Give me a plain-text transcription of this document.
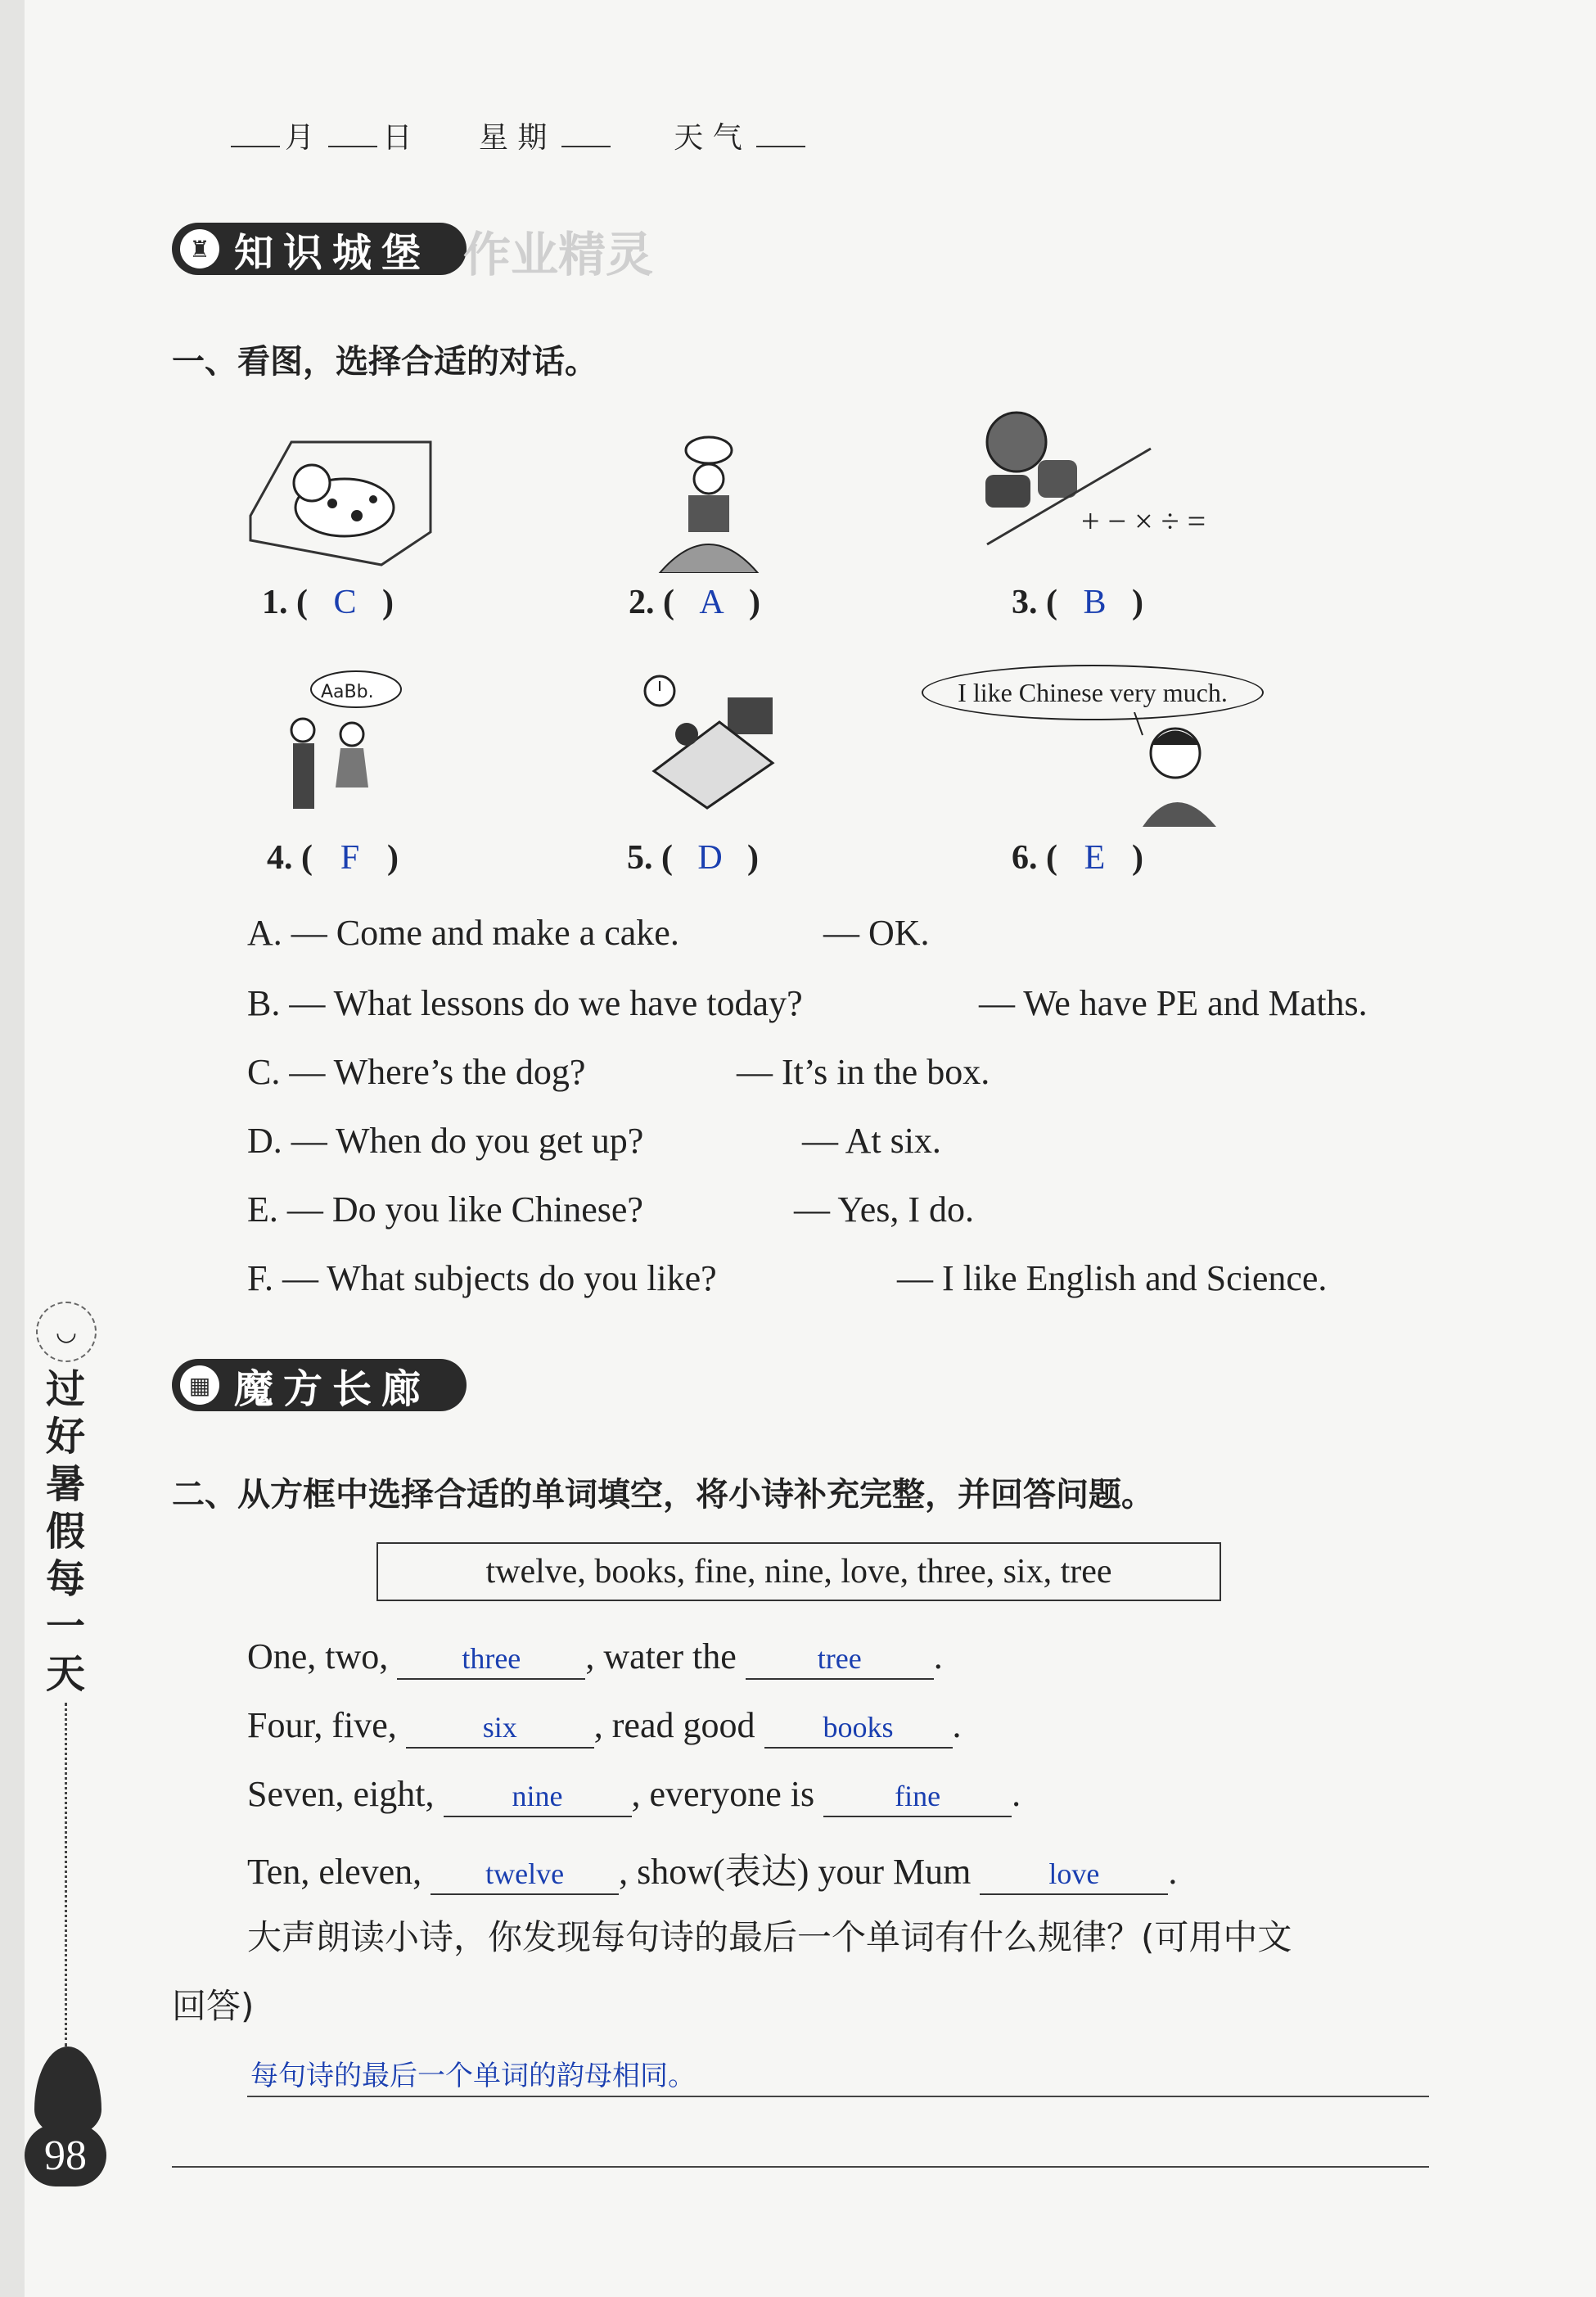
◡
过
好
暑
假
每
一
天
98
月 日 星 期	天 气
♜ 知识城堡 作业精灵
一、看图，选择合适的对话。
+ − × ÷ =
AaBb.	I like Chinese very much.
1. ( C )	2. ( A )	3. ( B )
4. ( F )	5. ( D )	6. ( E )
A. — Come and make a cake.	— OK.
B. — What lessons do we have today?	— We have PE and Maths.
C. — Where’s the dog?	— It’s in the box.
D. — When do you get up?	— At six.
E. — Do you like Chinese?	— Yes, I do.
F. — What subjects do you like?	— I like English and Science.
▦ 魔方长廊
二、从方框中选择合适的单词填空，将小诗补充完整，并回答问题。
twelve, books, fine, nine, love, three, six, tree
One, two,	three , water the	tree .
Four, five,	six , read good books .
Seven, eight,	nine , everyone is	fine .
Ten, eleven, twelve , show(表达) your Mum	love .
大声朗读小诗，你发现每句诗的最后一个单词有什么规律？(可用中文
回答)
每句诗的最后一个单词的韵母相同。
